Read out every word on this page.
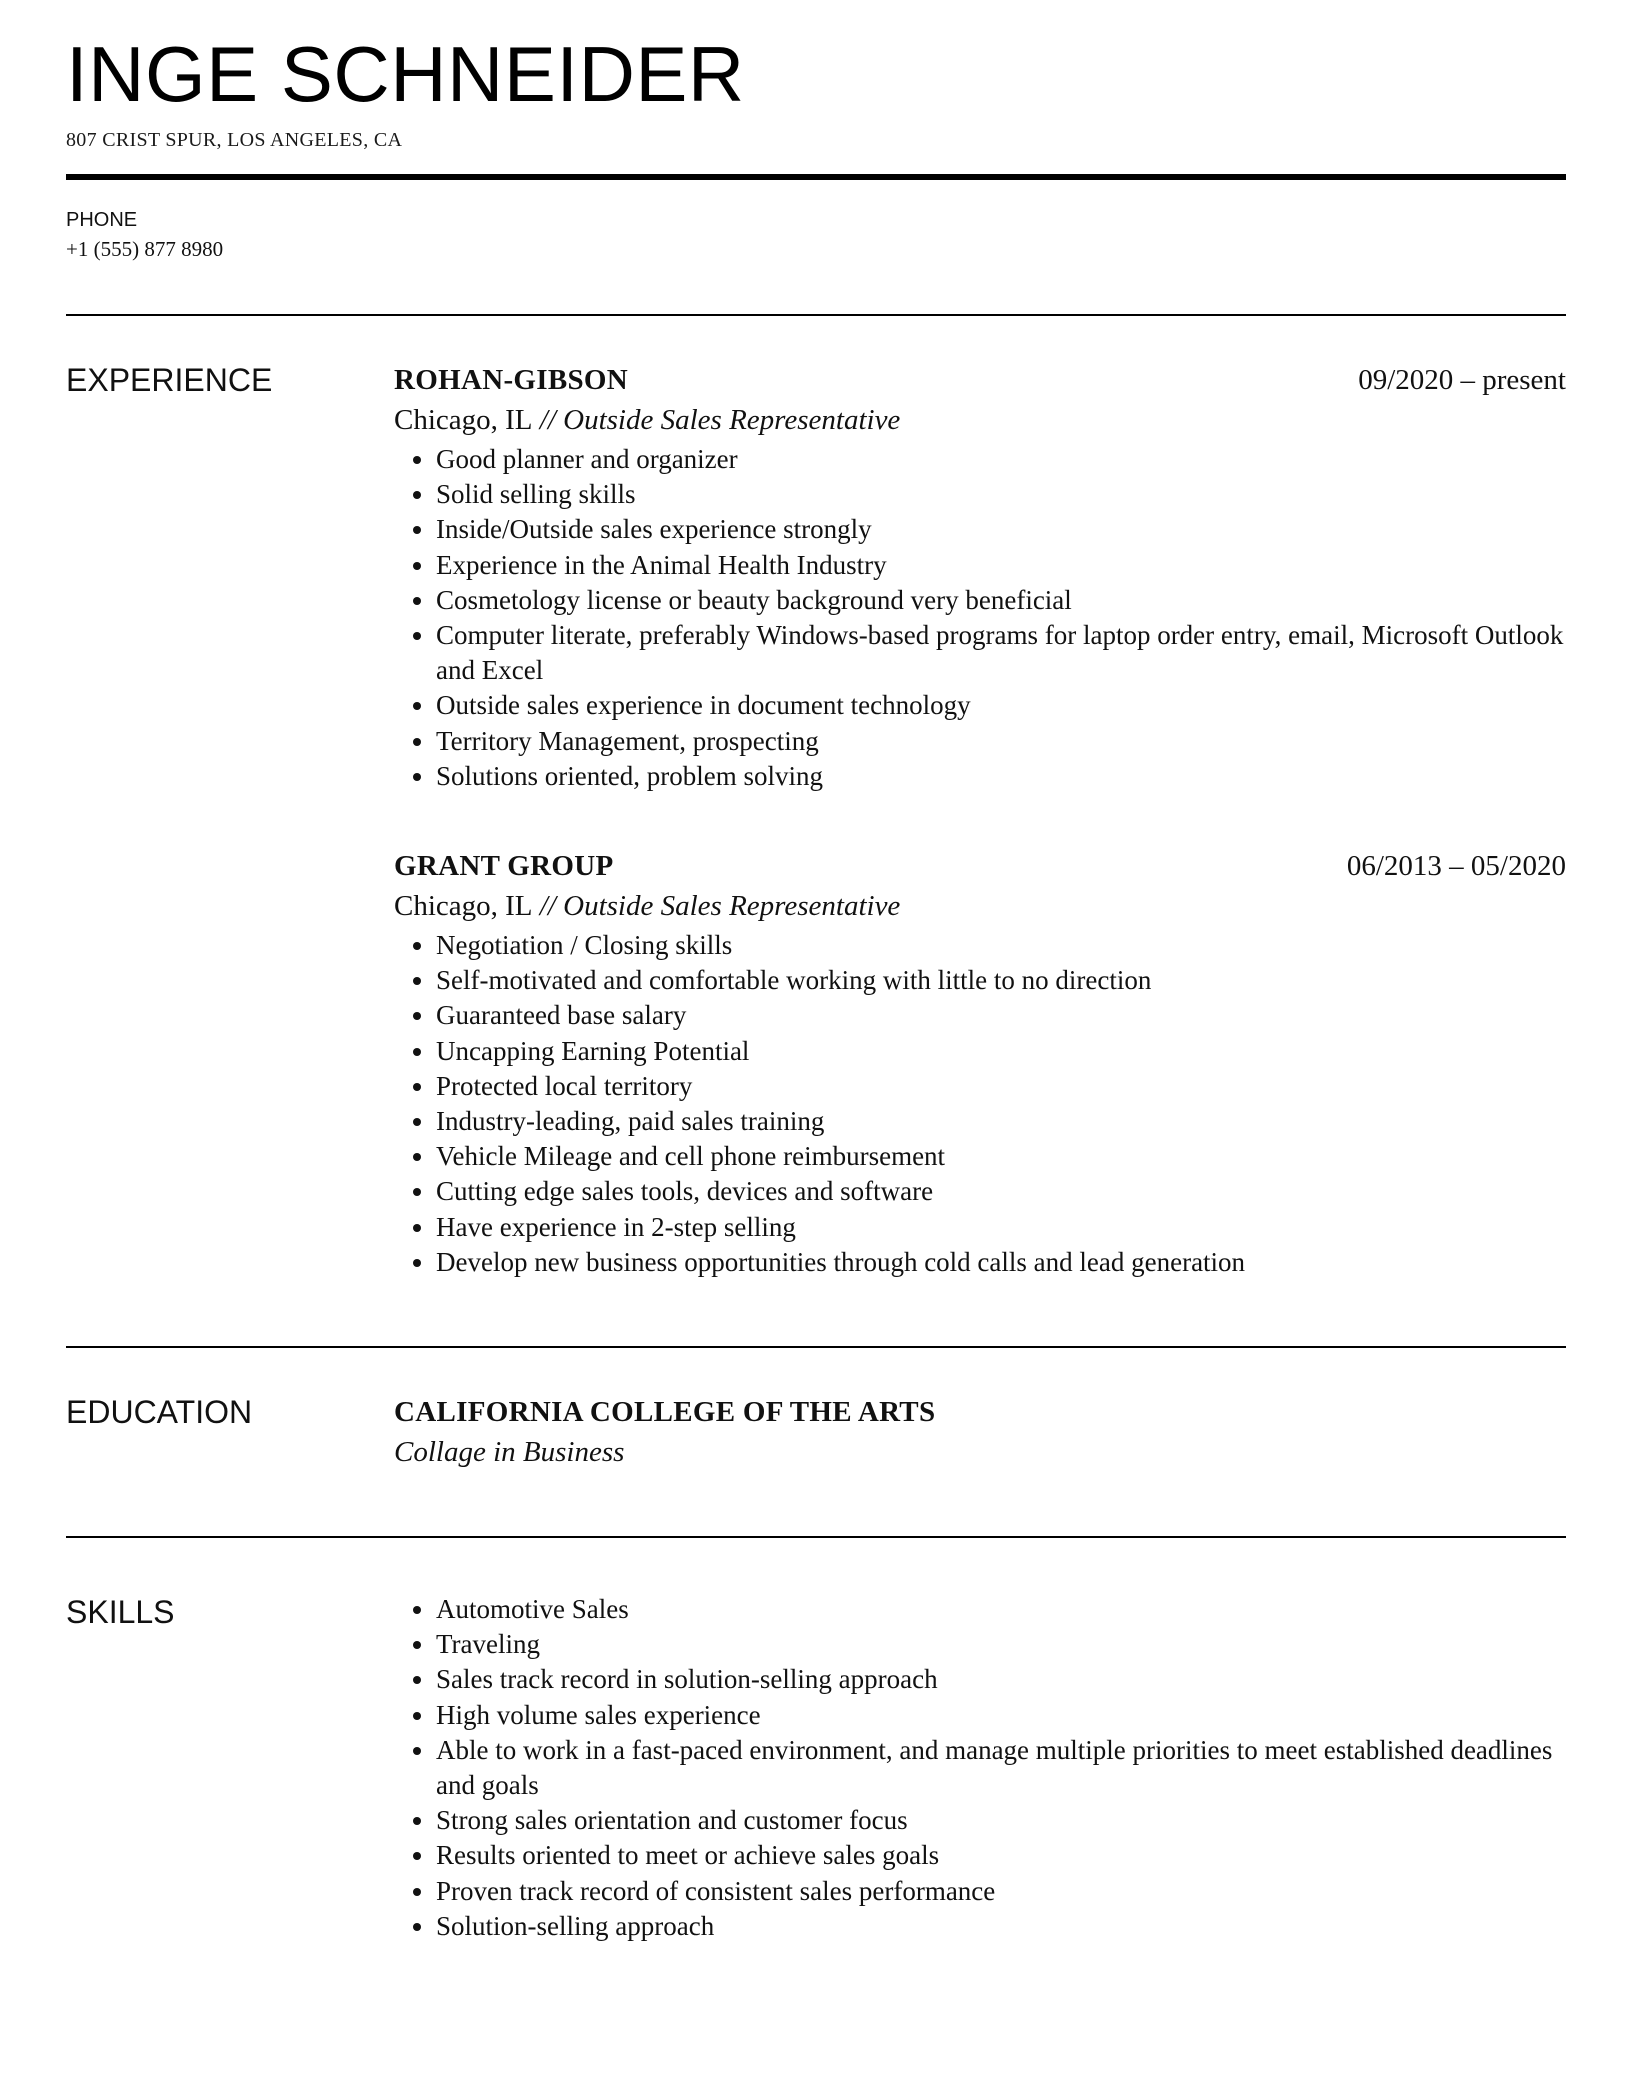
INGE SCHNEIDER
807 CRIST SPUR, LOS ANGELES, CA
PHONE
+1 (555) 877 8980
EXPERIENCE	ROHAN-GIBSON	09/2020 – present
Chicago, IL // Outside Sales Representative
• Good planner and organizer
• Solid selling skills
• Inside/Outside sales experience strongly
• Experience in the Animal Health Industry
• Cosmetology license or beauty background very beneficial
• Computer literate, preferably Windows-based programs for laptop order entry, email, Microsoft Outlook and Excel
• Outside sales experience in document technology
• Territory Management, prospecting
• Solutions oriented, problem solving
GRANT GROUP	06/2013 – 05/2020
Chicago, IL // Outside Sales Representative
• Negotiation / Closing skills
• Self-motivated and comfortable working with little to no direction
• Guaranteed base salary
• Uncapping Earning Potential
• Protected local territory
• Industry-leading, paid sales training
• Vehicle Mileage and cell phone reimbursement
• Cutting edge sales tools, devices and software
• Have experience in 2-step selling
• Develop new business opportunities through cold calls and lead generation
EDUCATION	CALIFORNIA COLLEGE OF THE ARTS
Collage in Business
SKILLS
•	Automotive Sales
• Traveling
• Sales track record in solution-selling approach
• High volume sales experience
• Able to work in a fast-paced environment, and manage multiple priorities to meet established deadlines and goals
• Strong sales orientation and customer focus
• Results oriented to meet or achieve sales goals
• Proven track record of consistent sales performance
• Solution-selling approach
